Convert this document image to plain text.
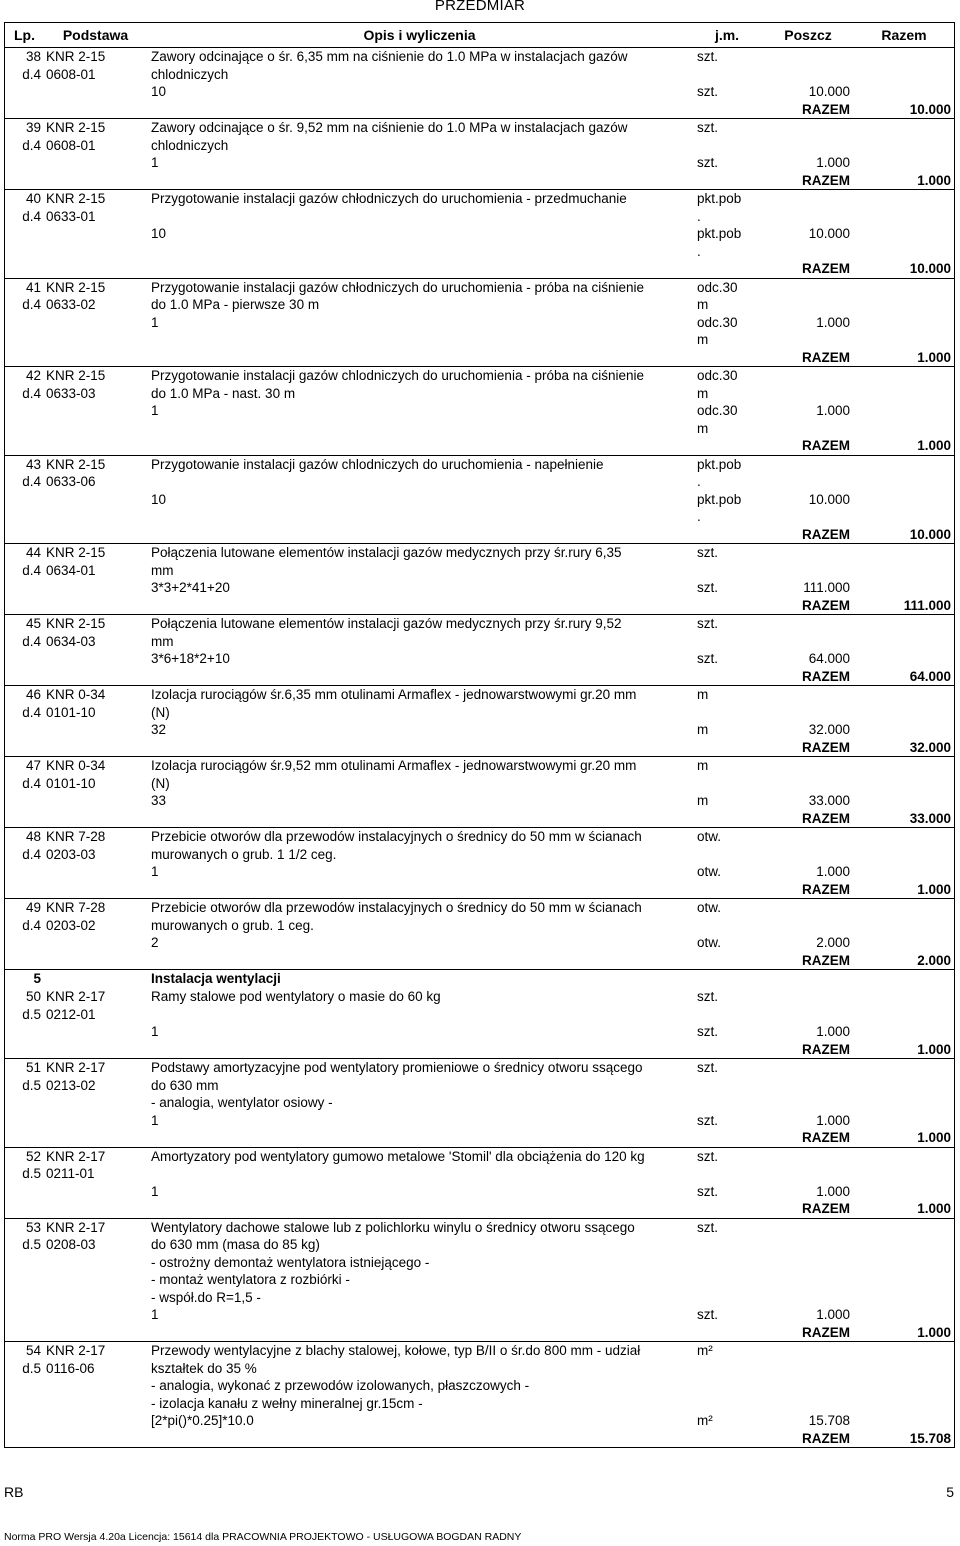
PRZEDMIAR
Lp.	Podstawa	Opis i wyliczenia	j.m.	Poszcz	Razem
38 KNR 2-15	Zawory odcinające o śr. 6,35 mm na ciśnienie do 1.0 MPa w instalacjach gazów	szt.
d.4 0608-01	chlodniczych
10	szt.	10.000
RAZEM	10.000
39 KNR 2-15	Zawory odcinające o śr. 9,52 mm na ciśnienie do 1.0 MPa w instalacjach gazów	szt.
d.4 0608-01	chlodniczych
1	szt.	1.000
RAZEM	1.000
40 KNR 2-15	Przygotowanie instalacji gazów chłodniczych do uruchomienia - przedmuchanie	pkt.pob
d.4 0633-01	.
10	pkt.pob	10.000
.
RAZEM	10.000
41 KNR 2-15	Przygotowanie instalacji gazów chłodniczych do uruchomienia - próba na ciśnienie	odc.30
d.4 0633-02	do 1.0 MPa - pierwsze 30 m	m
1	odc.30	1.000
m
RAZEM	1.000
42 KNR 2-15	Przygotowanie instalacji gazów chlodniczych do uruchomienia - próba na ciśnienie	odc.30
d.4 0633-03	do 1.0 MPa - nast. 30 m	m
1	odc.30	1.000
m
RAZEM	1.000
43 KNR 2-15	Przygotowanie instalacji gazów chlodniczych do uruchomienia - napełnienie	pkt.pob
d.4 0633-06	.
10	pkt.pob	10.000
.
RAZEM	10.000
44 KNR 2-15	Połączenia lutowane elementów instalacji gazów medycznych przy śr.rury 6,35	szt.
d.4 0634-01	mm
3*3+2*41+20	szt.	111.000
RAZEM	111.000
45 KNR 2-15	Połączenia lutowane elementów instalacji gazów medycznych przy śr.rury 9,52	szt.
d.4 0634-03	mm
3*6+18*2+10	szt.	64.000
RAZEM	64.000
46 KNR 0-34	Izolacja rurociągów śr.6,35 mm otulinami Armaflex - jednowarstwowymi gr.20 mm	m
d.4 0101-10	(N)
32	m	32.000
RAZEM	32.000
47 KNR 0-34	Izolacja rurociągów śr.9,52 mm otulinami Armaflex - jednowarstwowymi gr.20 mm	m
d.4 0101-10	(N)
33	m	33.000
RAZEM	33.000
48 KNR 7-28	Przebicie otworów dla przewodów instalacyjnych o średnicy do 50 mm w ścianach	otw.
d.4 0203-03	murowanych o grub. 1 1/2 ceg.
1	otw.	1.000
RAZEM	1.000
49 KNR 7-28	Przebicie otworów dla przewodów instalacyjnych o średnicy do 50 mm w ścianach	otw.
d.4 0203-02	murowanych o grub. 1 ceg.
2	otw.	2.000
RAZEM	2.000
5	Instalacja wentylacji
50 KNR 2-17	Ramy stalowe pod wentylatory o masie do 60 kg	szt.
d.5 0212-01
1	szt.	1.000
RAZEM	1.000
51 KNR 2-17	Podstawy amortyzacyjne pod wentylatory promieniowe o średnicy otworu ssącego	szt.
d.5 0213-02	do 630 mm
- analogia, wentylator osiowy -
1	szt.	1.000
RAZEM	1.000
52 KNR 2-17	Amortyzatory pod wentylatory gumowo metalowe 'Stomil' dla obciążenia do 120 kg	szt.
d.5 0211-01
1	szt.	1.000
RAZEM	1.000
53 KNR 2-17	Wentylatory dachowe stalowe lub z polichlorku winylu o średnicy otworu ssącego	szt.
d.5 0208-03	do 630 mm (masa do 85 kg)
- ostrożny demontaż wentylatora istniejącego -
- montaż wentylatora z rozbiórki -
- współ.do R=1,5 -
1	szt.	1.000
RAZEM	1.000
54 KNR 2-17	Przewody wentylacyjne z blachy stalowej, kołowe, typ B/II o śr.do 800 mm - udział	m²
d.5 0116-06	kształtek do 35 %
- analogia, wykonać z przewodów izolowanych, płaszczowych -
- izolacja kanału z wełny mineralnej gr.15cm -
[2*pi()*0.25]*10.0	m²	15.708
RAZEM	15.708
RB	5
Norma PRO Wersja 4.20a Licencja: 15614 dla PRACOWNIA PROJEKTOWO - USŁUGOWA BOGDAN RADNY
